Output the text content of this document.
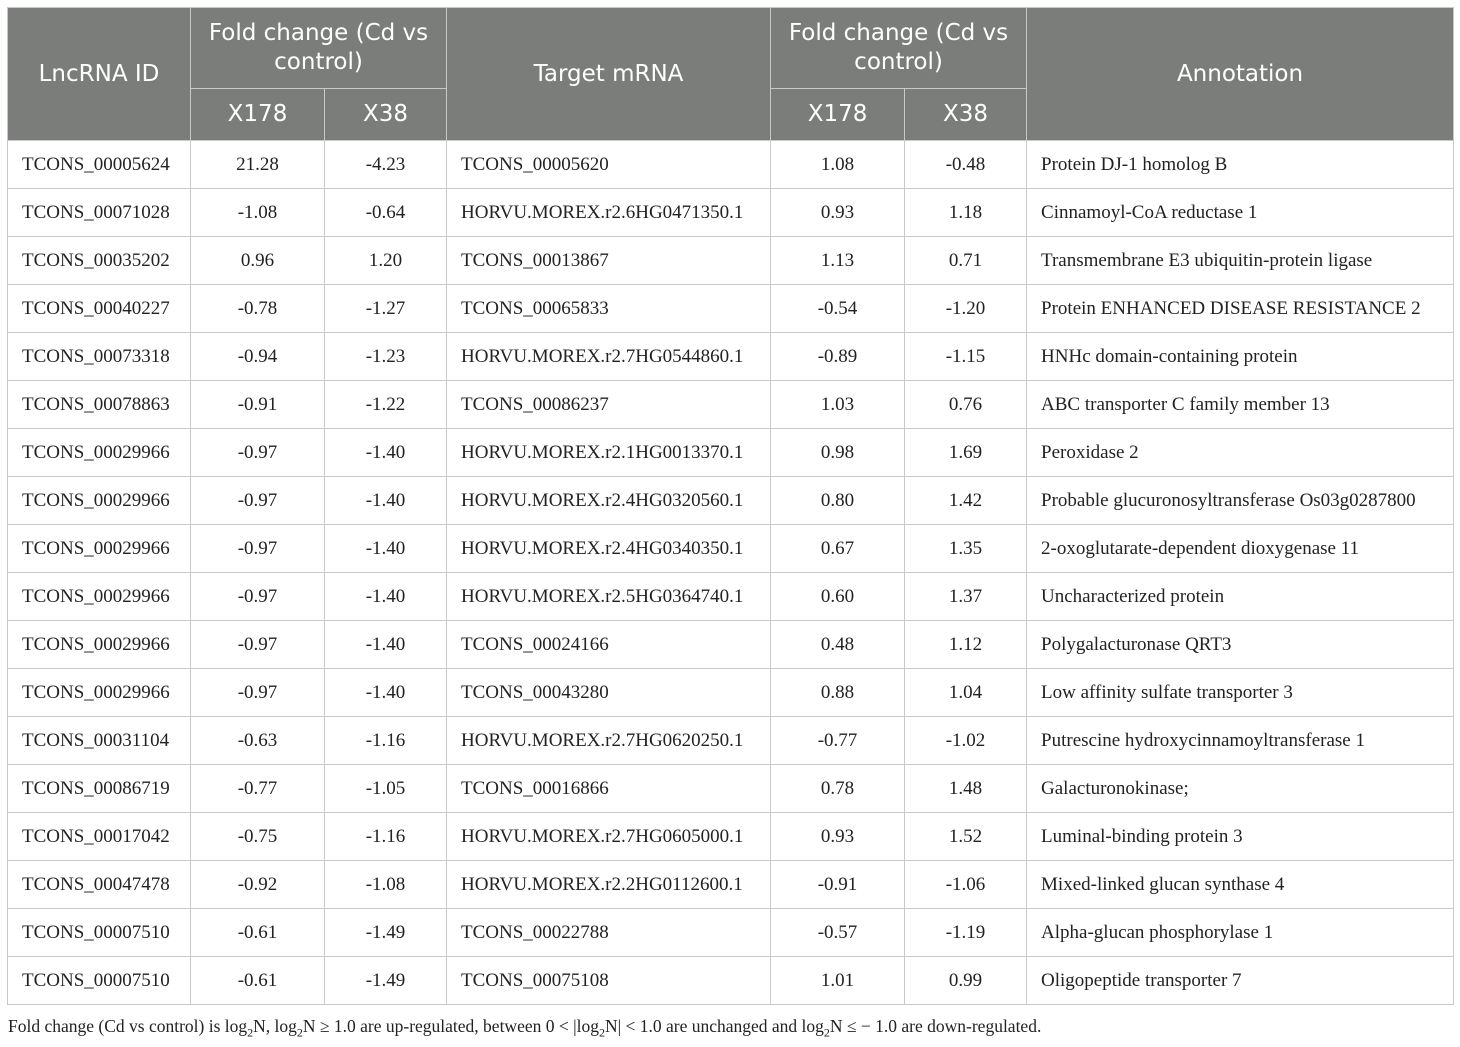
LncRNA ID	Fold change (Cd vs control)		Target mRNA	Fold change (Cd vs control)		Annotation
	X178	X38		X178	X38	
TCONS_00005624	21.28	-4.23	TCONS_00005620	1.08	-0.48	Protein DJ-1 homolog B
TCONS_00071028	-1.08	-0.64	HORVU.MOREX.r2.6HG0471350.1	0.93	1.18	Cinnamoyl-CoA reductase 1
TCONS_00035202	0.96	1.20	TCONS_00013867	1.13	0.71	Transmembrane E3 ubiquitin-protein ligase
TCONS_00040227	-0.78	-1.27	TCONS_00065833	-0.54	-1.20	Protein ENHANCED DISEASE RESISTANCE 2
TCONS_00073318	-0.94	-1.23	HORVU.MOREX.r2.7HG0544860.1	-0.89	-1.15	HNHc domain-containing protein
TCONS_00078863	-0.91	-1.22	TCONS_00086237	1.03	0.76	ABC transporter C family member 13
TCONS_00029966	-0.97	-1.40	HORVU.MOREX.r2.1HG0013370.1	0.98	1.69	Peroxidase 2
TCONS_00029966	-0.97	-1.40	HORVU.MOREX.r2.4HG0320560.1	0.80	1.42	Probable glucuronosyltransferase Os03g0287800
TCONS_00029966	-0.97	-1.40	HORVU.MOREX.r2.4HG0340350.1	0.67	1.35	2-oxoglutarate-dependent dioxygenase 11
TCONS_00029966	-0.97	-1.40	HORVU.MOREX.r2.5HG0364740.1	0.60	1.37	Uncharacterized protein
TCONS_00029966	-0.97	-1.40	TCONS_00024166	0.48	1.12	Polygalacturonase QRT3
TCONS_00029966	-0.97	-1.40	TCONS_00043280	0.88	1.04	Low affinity sulfate transporter 3
TCONS_00031104	-0.63	-1.16	HORVU.MOREX.r2.7HG0620250.1	-0.77	-1.02	Putrescine hydroxycinnamoyltransferase 1
TCONS_00086719	-0.77	-1.05	TCONS_00016866	0.78	1.48	Galacturonokinase;
TCONS_00017042	-0.75	-1.16	HORVU.MOREX.r2.7HG0605000.1	0.93	1.52	Luminal-binding protein 3
TCONS_00047478	-0.92	-1.08	HORVU.MOREX.r2.2HG0112600.1	-0.91	-1.06	Mixed-linked glucan synthase 4
TCONS_00007510	-0.61	-1.49	TCONS_00022788	-0.57	-1.19	Alpha-glucan phosphorylase 1
TCONS_00007510	-0.61	-1.49	TCONS_00075108	1.01	0.99	Oligopeptide transporter 7
Fold change (Cd vs control) is $\log_2N$, $\log_2N \ge 1.0$ are up-regulated, between $0 < |\log_2N| < 1.0$ are unchanged and $\log_2N$ ≤ − 1.0 are down-regulated.
